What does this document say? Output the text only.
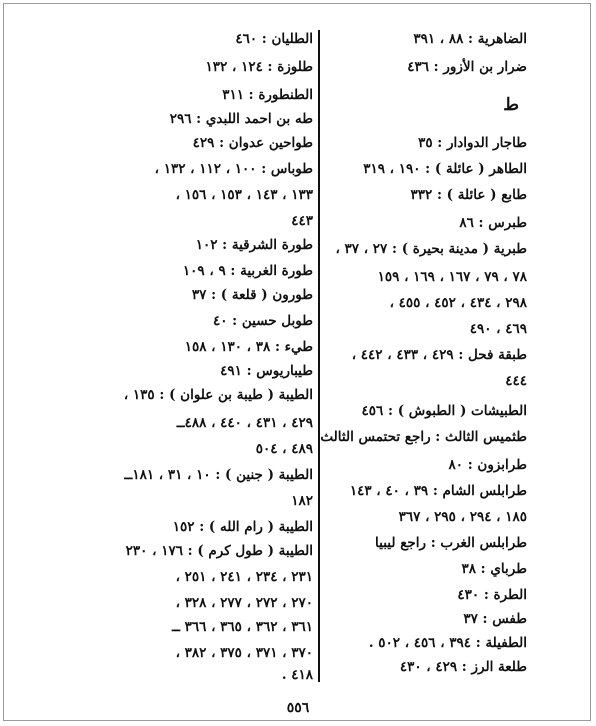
الضاهرية : ٨٨ ، ٣٩١
ضرار بن الأزور : ٤٣٦
ط
طاجار الدوادار : ٣٥
الطاهر ( عائلة ) : ١٩٠ ، ٣١٩
طابع ( عائلة ) : ٣٣٢
طبرس : ٨٦
طبرية ( مدينة بحيرة ) : ٢٧ ، ٣٧ ،
٧٨ ، ٧٩ ، ١٦٧ ، ١٦٩ ، ١٥٩
٢٩٨ ، ٤٣٤ ، ٤٥٢ ، ٤٥٥ ،
٤٦٩ ، ٤٩٠
طبقة فحل : ٤٢٩ ، ٤٣٣ ، ٤٤٢ ،
٤٤٤
الطبيشات ( الطبوش ) : ٤٥٦
طثميس الثالث : راجع تحتمس الثالث
طرابزون : ٨٠
طرابلس الشام : ٣٩ ، ٤٠ ، ١٤٣
١٨٥ ، ٢٩٤ ، ٢٩٥ ، ٣٦٧
طرابلس الغرب : راجع ليبيا
طرباي : ٣٨
الطرة : ٤٣٠
طفس : ٣٧
الطفيلة : ٣٩٤ ، ٤٥٦ ، ٥٠٢ .
طلعة الرز : ٤٢٩ ، ٤٣٠
الطليان : ٤٦٠
طلوزة : ١٢٤ ، ١٣٢
الطنطورة : ٣١١
طه بن احمد اللبدي : ٢٩٦
طواحين عدوان : ٤٢٩
طوباس : ١٠٠ ، ١١٢ ، ١٣٢ ،
١٣٣ ، ١٤٣ ، ١٥٣ ، ١٥٦ ،
٤٤٣
طورة الشرقية : ١٠٢
طورة الغربية : ٩ ، ١٠٩
طورون ( قلعة ) : ٣٧
طوبل حسين : ٤٠
طيء : ٣٨ ، ١٣٠ ، ١٥٨
طيباريوس : ٤٩١
الطيبة ( طيبة بن علوان ) : ١٣٥ ،
٤٢٩ ، ٤٣١ ، ٤٤٠ ، ٤٨٨ــ
٤٨٩ ، ٥٠٤
الطيبة ( جنين ) : ١٠ ، ٣١ ، ١٨١ــ
١٨٢
الطيبة ( رام الله ) : ١٥٢
الطيبة ( طول كرم ) : ١٧٦ ، ٢٣٠
٢٣١ ، ٢٣٤ ، ٢٤١ ، ٢٥١ ،
٢٧٠ ، ٢٧٢ ، ٢٧٧ ، ٣٢٨ ،
٣٦١ ، ٣٦٢ ، ٣٦٥ ، ٣٦٦ ــ
٣٧٠ ، ٣٧١ ، ٣٧٥ ، ٣٨٢ ،
٤١٨ .
٥٥٦
